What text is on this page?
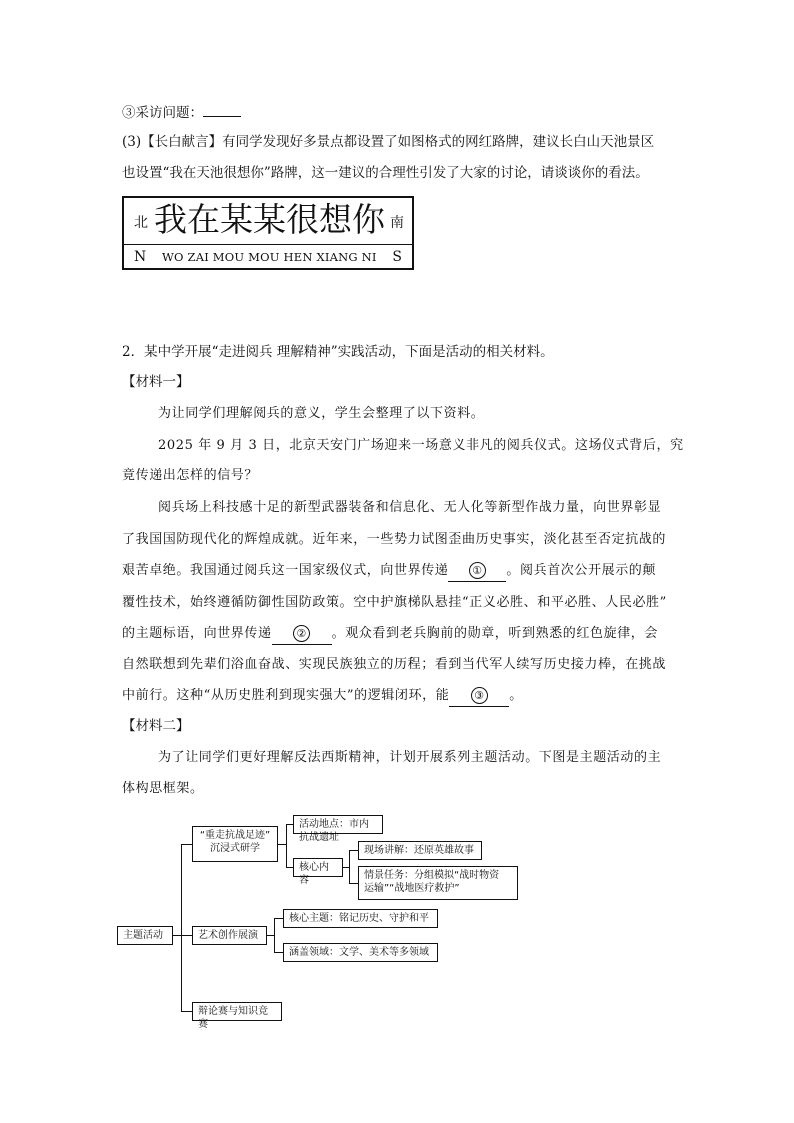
③采访问题：
(3)【长白献言】有同学发现好多景点都设置了如图格式的网红路牌，建议长白山天池景区
也设置“我在天池很想你”路牌，这一建议的合理性引发了大家的讨论，请谈谈你的看法。
北 我在某某很想你 南
N WO ZAI MOU MOU HEN XIANG NI S
2．某中学开展“走进阅兵 理解精神”实践活动，下面是活动的相关材料。
【材料一】
为让同学们理解阅兵的意义，学生会整理了以下资料。
2025 年 9 月 3 日，北京天安门广场迎来一场意义非凡的阅兵仪式。这场仪式背后，究
竟传递出怎样的信号？
阅兵场上科技感十足的新型武器装备和信息化、无人化等新型作战力量，向世界彰显
了我国国防现代化的辉煌成就。近年来，一些势力试图歪曲历史事实，淡化甚至否定抗战的
艰苦卓绝。我国通过阅兵这一国家级仪式，向世界传递 ① 。阅兵首次公开展示的颠
覆性技术，始终遵循防御性国防政策。空中护旗梯队悬挂“正义必胜、和平必胜、人民必胜”
的主题标语，向世界传递 ② 。观众看到老兵胸前的勋章，听到熟悉的红色旋律，会
自然联想到先辈们浴血奋战、实现民族独立的历程；看到当代军人续写历史接力棒，在挑战
中前行。这种“从历史胜利到现实强大”的逻辑闭环，能 ③ 。
【材料二】
为了让同学们更好理解反法西斯精神，计划开展系列主题活动。下图是主题活动的主
体构思框架。
主题活动
“重走抗战足迹”
沉浸式研学
活动地点：市内抗战遗址
核心内容
现场讲解：还原英雄故事
情景任务：分组模拟“战时物资
运输”“战地医疗救护”
艺术创作展演
核心主题：铭记历史、守护和平
涵盖领域：文学、美术等多领域
辩论赛与知识竞赛
